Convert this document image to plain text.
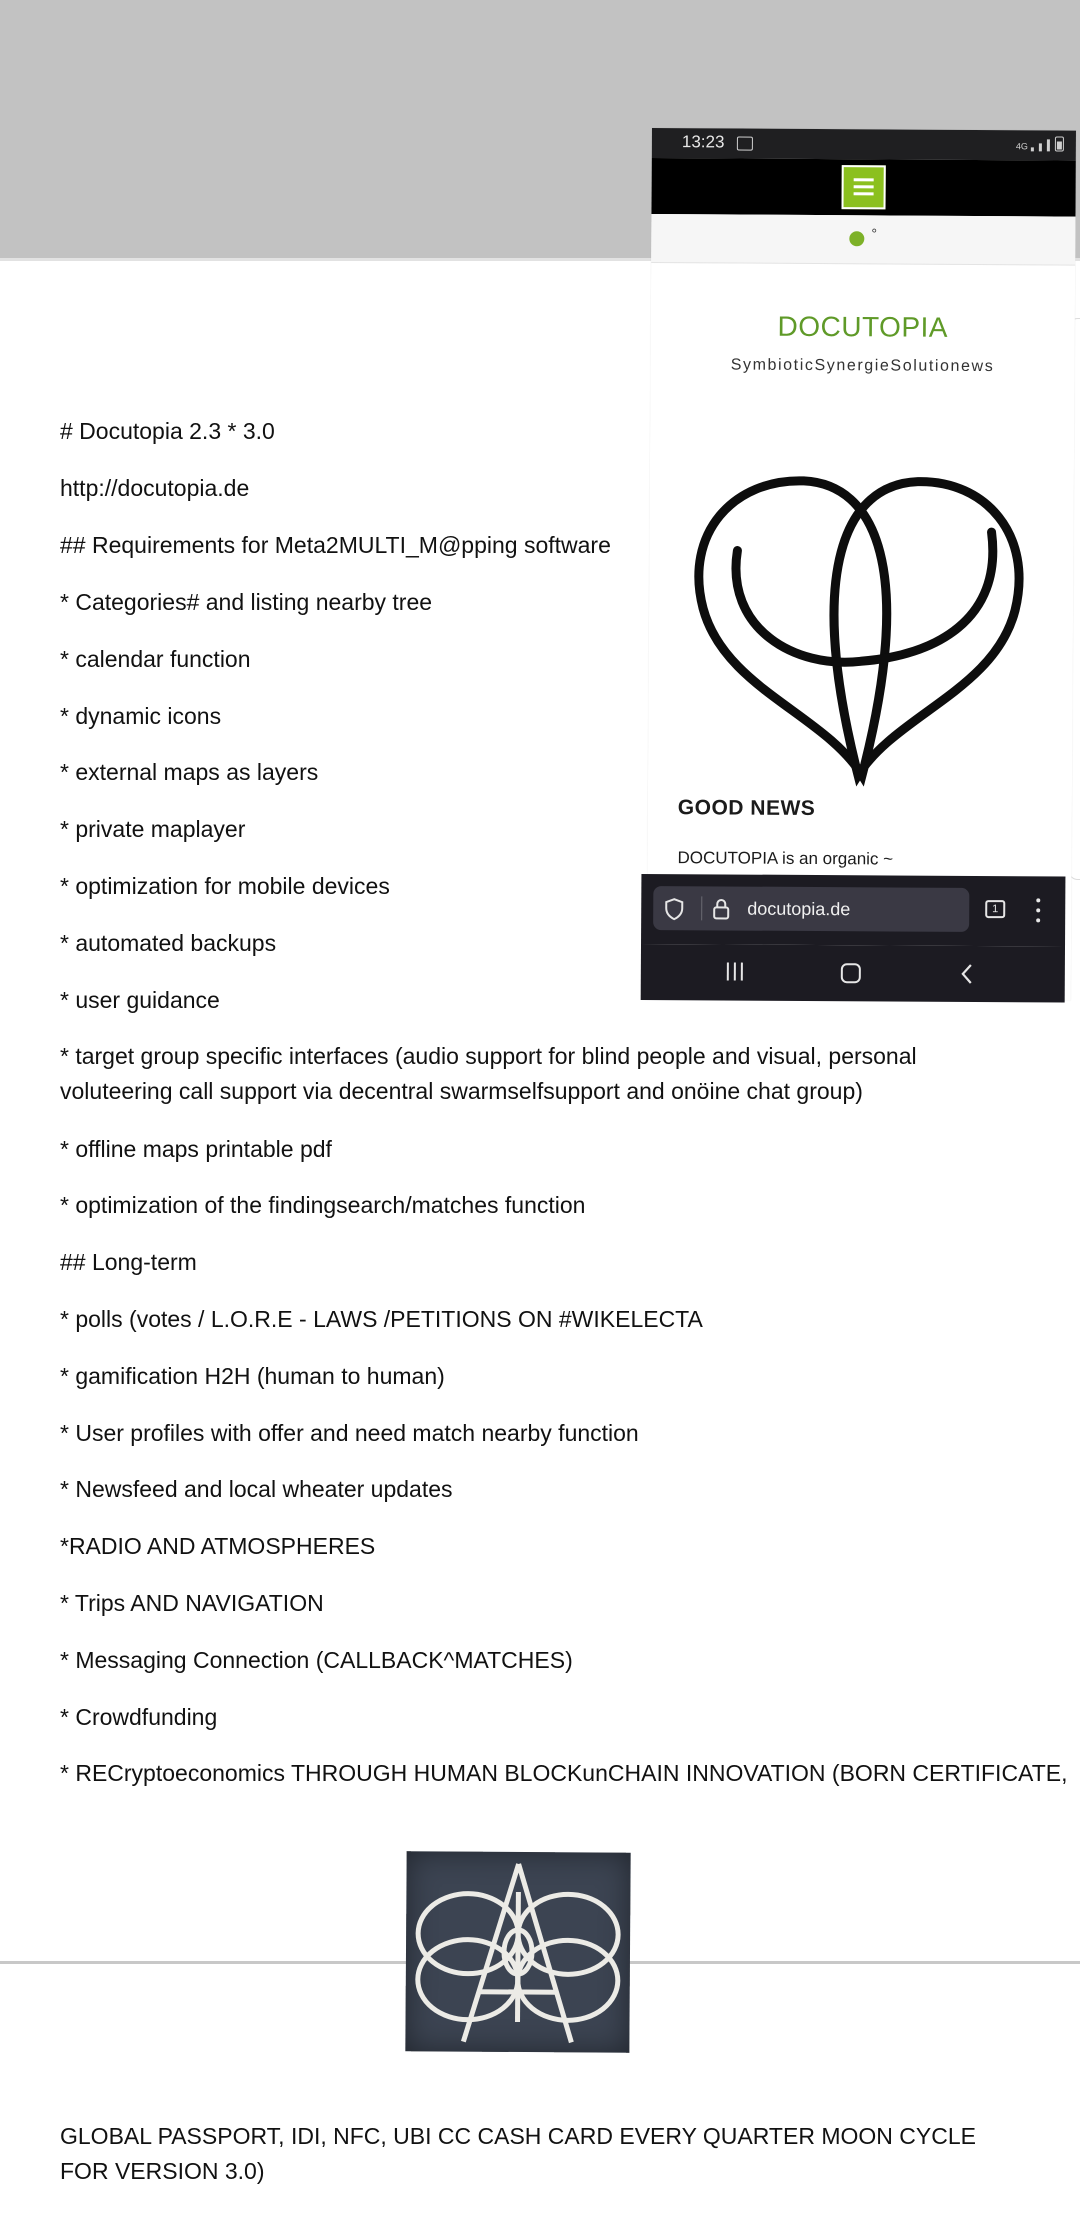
13:23	4G
°
DOCUTOPIA
SymbioticSynergieSolutionews
GOOD NEWS
DOCUTOPIA is an organic ~
docutopia.de	1
# Docutopia 2.3 * 3.0
http://docutopia.de
## Requirements for Meta2MULTI_M@pping software
* Categories# and listing nearby tree
* calendar function
* dynamic icons
* external maps as layers
* private maplayer
* optimization for mobile devices
* automated backups
* user guidance
* target group specific interfaces (audio support for blind people and visual, personal voluteering call support via decentral swarmselfsupport and onöine chat group)
* offline maps printable pdf
* optimization of the findingsearch/matches function
## Long-term
* polls (votes / L.O.R.E - LAWS /PETITIONS ON #WIKELECTA
* gamification H2H (human to human)
* User profiles with offer and need match nearby function
* Newsfeed and local wheater updates
*RADIO AND ATMOSPHERES
* Trips AND NAVIGATION
* Messaging Connection (CALLBACK^MATCHES)
* Crowdfunding
* RECryptoeconomics THROUGH HUMAN BLOCKunCHAIN INNOVATION (BORN CERTIFICATE,
GLOBAL PASSPORT, IDI, NFC, UBI CC CASH CARD EVERY QUARTER MOON CYCLE FOR VERSION 3.0)
